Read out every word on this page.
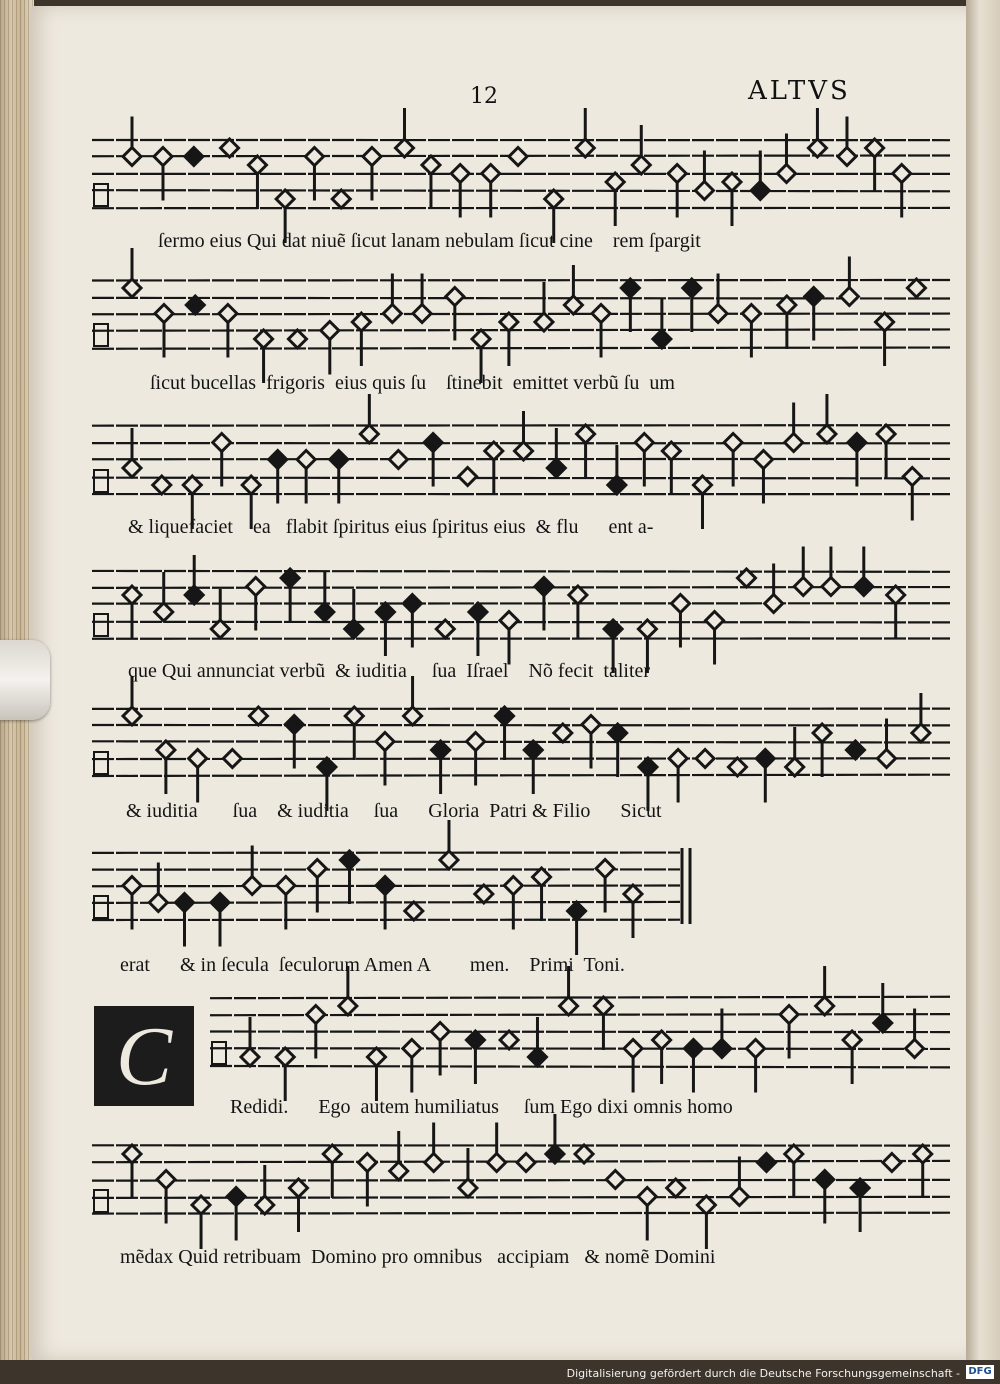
12	ALTVS
C
ſermo eius Qui dat niuẽ ſicut lanam nebulam ſicut cine    rem ſpargit
ſicut bucellas  frigoris  eius quis ſu    ſtinebit  emittet verbũ ſu  um
& liquefaciet    ea   flabit ſpiritus eius ſpiritus eius  & flu      ent a-
que Qui annunciat verbũ  & iuditia     ſua  Iſrael    Nõ fecit  taliter
& iuditia       ſua    & iuditia     ſua      Gloria  Patri & Filio      Sicut
erat      & in ſecula  ſeculorum Amen A        men.    Primi  Toni.
Redidi.      Ego  autem humiliatus     ſum Ego dixi omnis homo
mẽdax Quid retribuam  Domino pro omnibus   accipiam   & nomẽ Domini
Digitalisierung gefördert durch die Deutsche Forschungsgemeinschaft - DFG
